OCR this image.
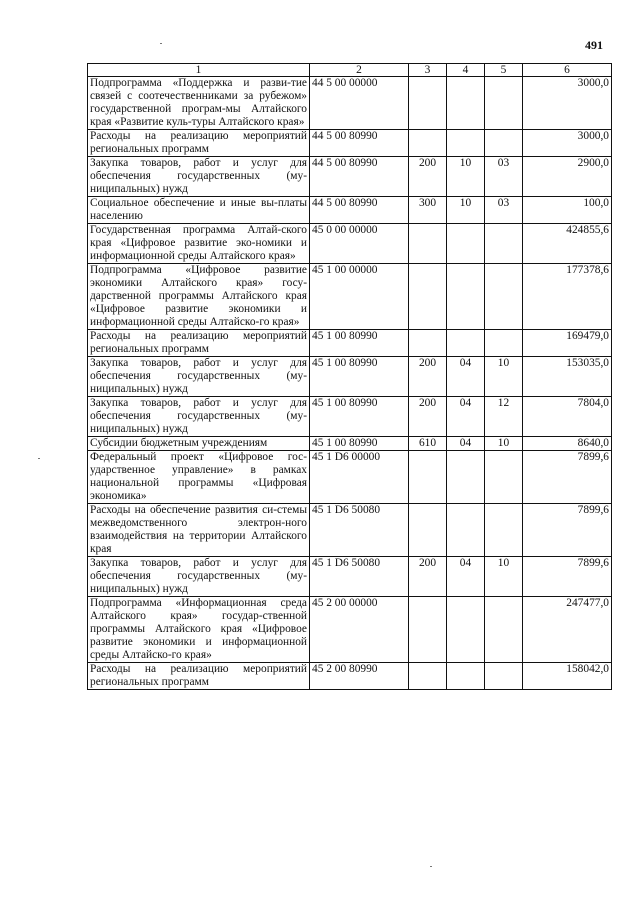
491
1	2	3	4	5	6
Подпрограмма «Поддержка и разви-тие связей с соотечественниками за рубежом» государственной програм-мы Алтайского края «Развитие куль-туры Алтайского края»	44 5 00 00000				3000,0
Расходы на реализацию мероприятий региональных программ	44 5 00 80990				3000,0
Закупка товаров, работ и услуг для обеспечения государственных (му-ниципальных) нужд	44 5 00 80990	200	10	03	2900,0
Социальное обеспечение и иные вы-платы населению	44 5 00 80990	300	10	03	100,0
Государственная программа Алтай-ского края «Цифровое развитие эко-номики и информационной среды Алтайского края»	45 0 00 00000				424855,6
Подпрограмма «Цифровое развитие экономики Алтайского края» госу-дарственной программы Алтайского края «Цифровое развитие экономики и информационной среды Алтайско-го края»	45 1 00 00000				177378,6
Расходы на реализацию мероприятий региональных программ	45 1 00 80990				169479,0
Закупка товаров, работ и услуг для обеспечения государственных (му-ниципальных) нужд	45 1 00 80990	200	04	10	153035,0
Закупка товаров, работ и услуг для обеспечения государственных (му-ниципальных) нужд	45 1 00 80990	200	04	12	7804,0
Субсидии бюджетным учреждениям	45 1 00 80990	610	04	10	8640,0
Федеральный проект «Цифровое гос-ударственное управление» в рамках национальной программы «Цифровая экономика»	45 1 D6 00000				7899,6
Расходы на обеспечение развития си-стемы межведомственного электрон-ного взаимодействия на территории Алтайского края	45 1 D6 50080				7899,6
Закупка товаров, работ и услуг для обеспечения государственных (му-ниципальных) нужд	45 1 D6 50080	200	04	10	7899,6
Подпрограмма «Информационная среда Алтайского края» государ-ственной программы Алтайского края «Цифровое развитие экономики и информационной среды Алтайско-го края»	45 2 00 00000				247477,0
Расходы на реализацию мероприятий региональных программ	45 2 00 80990				158042,0
